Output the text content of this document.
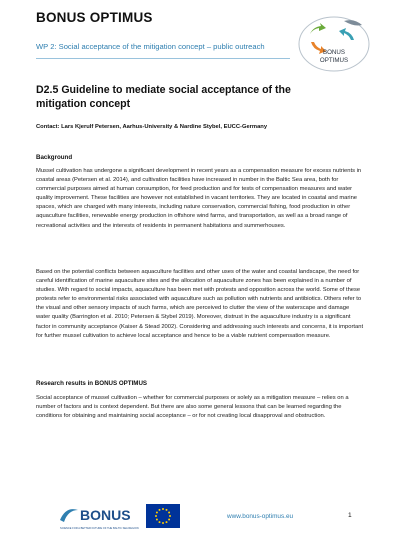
BONUS OPTIMUS
WP 2: Social acceptance of the mitigation concept – public outreach
BONUS
OPTIMUS
D2.5 Guideline to mediate social acceptance of the mitigation concept
Contact: Lars Kjerulf Petersen, Aarhus-University & Nardine Stybel, EUCC-Germany
Background

Mussel cultivation has undergone a significant development in recent years as a compensation measure for excess nutrients in coastal areas (Petersen et al. 2014), and cultivation facilities have increased in number in the Baltic Sea area, both for commercial purposes aimed at human consumption, for feed production and for tests of compensation measures and water quality improvement. These facilities are however not established in vacant territories. They are located in coastal and marine spaces, which are charged with many interests, including nature conservation, commercial fishing, food production in other aquaculture facilities, renewable energy production in offshore wind farms, and transportation, as well as a broad range of recreational activities and the interests of residents in permanent habitations and summerhouses.

Based on the potential conflicts between aquaculture facilities and other uses of the water and coastal landscape, the need for careful identification of marine aquaculture sites and the allocation of aquaculture zones has been explained in a number of studies. With regard to social impacts, aquaculture has been met with protests and opposition across the world. Some of these protests refer to environmental risks associated with aquaculture such as pollution with nutrients and antibiotics. Others refer to the visual and other sensory impacts of such farms, which are perceived to clutter the view of the waterscape and damage water quality (Barrington et al. 2010; Petersen & Stybel 2019). Moreover, distrust in the aquaculture industry is a significant factor in community acceptance (Kaiser & Stead 2002). Considering and addressing such interests and concerns, it is important for further mussel cultivation to achieve local acceptance and hence to be a viable nutrient compensation measure.

Research results in BONUS OPTIMUS

Social acceptance of mussel cultivation – whether for commercial purposes or solely as a mitigation measure – relies on a number of factors and is context dependent. But there are also some general lessons that can be learned regarding the conditions for obtaining and maintaining social acceptance – or for not creating local disapproval and obstruction.

BONUS
SCIENCE FOR A BETTER FUTURE OF THE BALTIC SEA REGION
www.bonus-optimus.eu	1
